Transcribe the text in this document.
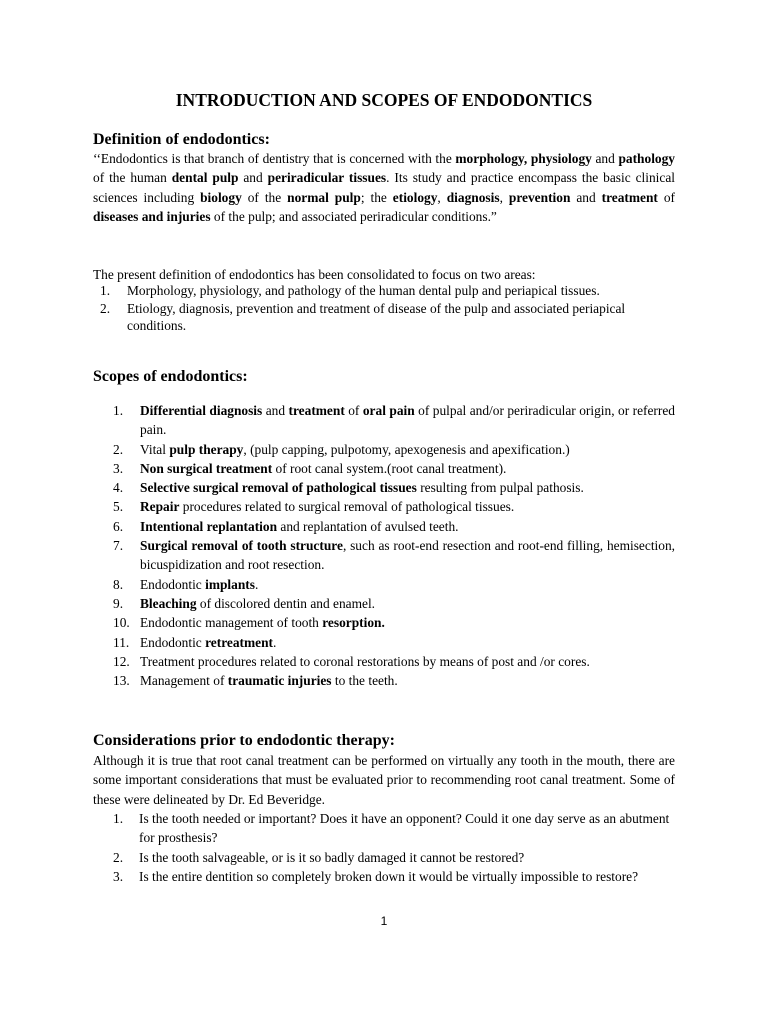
INTRODUCTION AND SCOPES OF ENDODONTICS
Definition of endodontics:

‘‘Endodontics is that branch of dentistry that is concerned with the morphology, physiology and pathology of the human dental pulp and periradicular tissues. Its study and practice encompass the basic clinical sciences including biology of the normal pulp; the etiology, diagnosis, prevention and treatment of diseases and injuries of the pulp; and associated periradicular conditions.”

The present definition of endodontics has been consolidated to focus on two areas:

1.	Morphology, physiology, and pathology of the human dental pulp and periapical tissues.
2.	Etiology, diagnosis, prevention and treatment of disease of the pulp and associated periapical conditions.
Scopes of endodontics:
1.	Differential diagnosis and treatment of oral pain of pulpal and/or periradicular origin, or referred pain.
2.	Vital pulp therapy, (pulp capping, pulpotomy, apexogenesis and apexification.)
3.	Non surgical treatment of root canal system.(root canal treatment).
4.	Selective surgical removal of pathological tissues resulting from pulpal pathosis.
5.	Repair procedures related to surgical removal of pathological tissues.
6.	Intentional replantation and replantation of avulsed teeth.
7.	Surgical removal of tooth structure, such as root-end resection and root-end filling, hemisection, bicuspidization and root resection.
8.	Endodontic implants.
9.	Bleaching of discolored dentin and enamel.
10. Endodontic management of tooth resorption.
11. Endodontic retreatment.
12. Treatment procedures related to coronal restorations by means of post and /or cores.
13. Management of traumatic injuries to the teeth.
Considerations prior to endodontic therapy:

Although it is true that root canal treatment can be performed on virtually any tooth in the mouth, there are some important considerations that must be evaluated prior to recommending root canal treatment. Some of these were delineated by Dr. Ed Beveridge.

1.	Is the tooth needed or important? Does it have an opponent? Could it one day serve as an abutment for prosthesis?
2.	Is the tooth salvageable, or is it so badly damaged it cannot be restored?
3.	Is the entire dentition so completely broken down it would be virtually impossible to restore?
1
